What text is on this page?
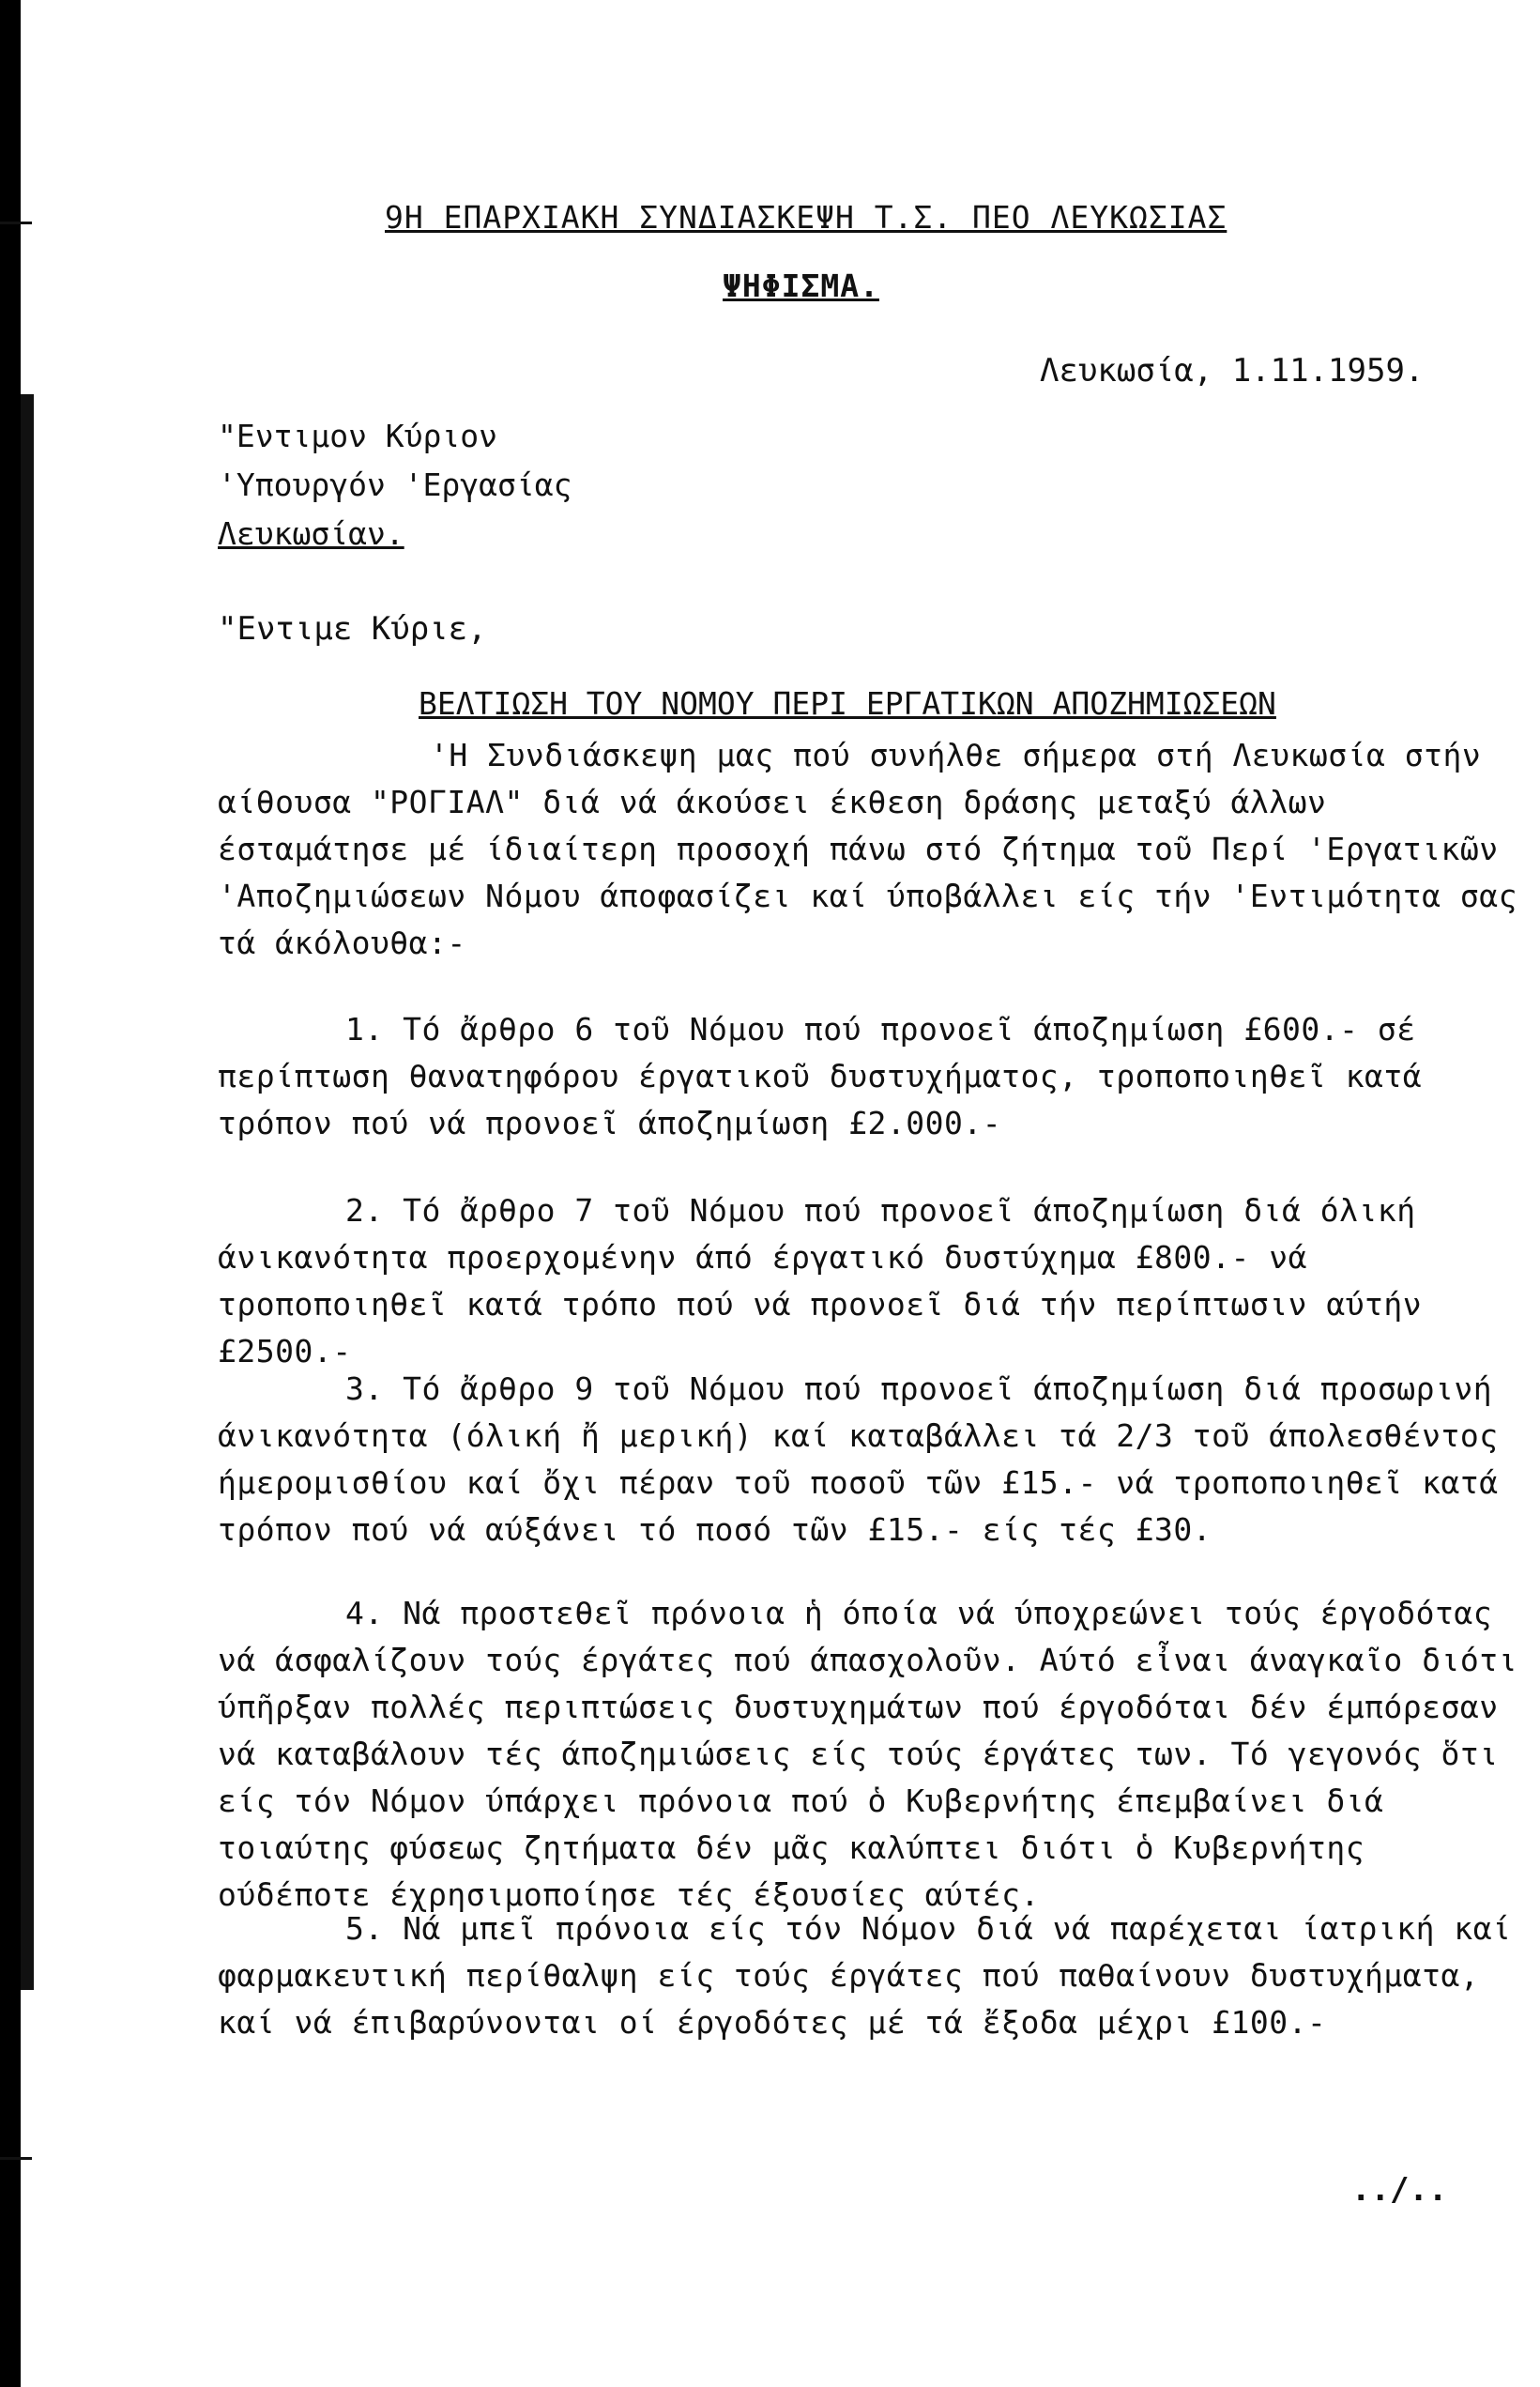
9Η ΕΠΑΡΧΙΑΚΗ ΣΥΝΔΙΑΣΚΕΨΗ Τ.Σ. ΠΕΟ ΛΕΥΚΩΣΙΑΣ
ΨΗΦΙΣΜΑ.
Λευκωσία, 1.11.1959.
"Εντιμον Κύριον
'Υπουργόν 'Εργασίας
Λευκωσίαν.
"Εντιμε Κύριε,
ΒΕΛΤΙΩΣΗ ΤΟΥ ΝΟΜΟΥ ΠΕΡΙ ΕΡΓΑΤΙΚΩΝ ΑΠΟΖΗΜΙΩΣΕΩΝ
'Η Συνδιάσκεψη μας πού συνήλθε σήμερα στή Λευκωσία στήν αίθουσα "ΡΟΓΙΑΛ" διά νά άκούσει έκθεση δράσης μεταξύ άλλων έσταμάτησε μέ ίδιαίτερη προσοχή πάνω στό ζήτημα τοῦ Περί 'Εργατικῶν 'Αποζημιώσεων Νόμου άποφασίζει καί ύποβάλλει είς τήν 'Εντιμότητα σας τά άκόλουθα:-
1. Τό ἄρθρο 6 τοῦ Νόμου πού προνοεῖ άποζημίωση £600.- σέ περίπτωση θανατηφόρου έργατικοῦ δυστυχήματος, τροποποιηθεῖ κατά τρόπον πού νά προνοεῖ άποζημίωση £2.000.-
2. Τό ἄρθρο 7 τοῦ Νόμου πού προνοεῖ άποζημίωση διά όλική άνικανότητα προερχομένην άπό έργατικό δυστύχημα £800.- νά τροποποιηθεῖ κατά τρόπο πού νά προνοεῖ διά τήν περίπτωσιν αύτήν £2500.-
3. Τό ἄρθρο 9 τοῦ Νόμου πού προνοεῖ άποζημίωση διά προσωρινή άνικανότητα (όλική ἤ μερική) καί καταβάλλει τά 2/3 τοῦ άπολεσθέντος ήμερομισθίου καί ὄχι πέραν τοῦ ποσοῦ τῶν £15.- νά τροποποιηθεῖ κατά τρόπον πού νά αύξάνει τό ποσό τῶν £15.- είς τές £30.
4. Νά προστεθεῖ πρόνοια ἡ όποία νά ύποχρεώνει τούς έργοδότας νά άσφαλίζουν τούς έργάτες πού άπασχολοῦν. Αύτό εἶναι άναγκαῖο διότι ύπῆρξαν πολλές περιπτώσεις δυστυχημάτων πού έργοδόται δέν έμπόρεσαν νά καταβάλουν τές άποζημιώσεις είς τούς έργάτες των. Τό γεγονός ὅτι είς τόν Νόμον ύπάρχει πρόνοια πού ὁ Κυβερνήτης έπεμβαίνει διά τοιαύτης φύσεως ζητήματα δέν μᾶς καλύπτει διότι ὁ Κυβερνήτης ούδέποτε έχρησιμοποίησε τές έξουσίες αύτές.
5. Νά μπεῖ πρόνοια είς τόν Νόμον διά νά παρέχεται ίατρική καί φαρμακευτική περίθαλψη είς τούς έργάτες πού παθαίνουν δυστυχήματα, καί νά έπιβαρύνονται οί έργοδότες μέ τά ἔξοδα μέχρι £100.-
../..
